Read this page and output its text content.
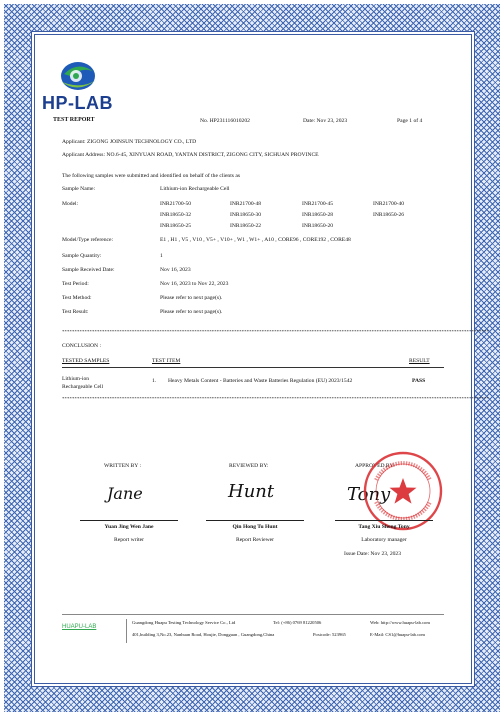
HP-LAB
TEST REPORT	No. HP231116010202	Date: Nov 23, 2023	Page 1 of 4
Applicant: ZIGONG JOINSUN TECHNOLOGY CO., LTD
Applicant Address: NO.6-45, XINYUAN ROAD, YANTAN DISTRICT, ZIGONG CITY, SICHUAN PROVINCE
The following samples were submitted and identified on behalf of the clients as
Sample Name:	Lithium-ion Rechargeable Cell
Model:	INR21700-50	INR21700-48	INR21700-45	INR21700-40
INR18650-32	INR18650-30	INR18650-28	INR18650-26
INR18650-25	INR18650-22	INR18650-20
Model/Type reference:	E1 , H1 , V5 , V10 , V5+ , V10+ , W1 , W1+ , A10 , CORE96 , CORE192 , CORE48
Sample Quantity:	1
Sample Received Date:	Nov 16, 2023
Test Period:	Nov 16, 2023 to Nov 22, 2023
Test Method:	Please refer to next page(s).
Test Result:	Please refer to next page(s).
***************************************************************************************************************************************************************************
CONCLUSION :
TESTED SAMPLES	TEST ITEM	RESULT
Lithium-ion
Rechargeable Cell
1. Heavy Metals Content - Batteries and Waste Batteries Regulation (EU) 2023/1542	PASS
***************************************************************************************************************************************************************************
WRITTEN BY :	REVIEWED BY:	APPROVED BY:
Jane	Hunt	Tony
Yuan Jing Wen Jane	Qin Hong Tu Hunt	Tang Xiu Sheng Tony
Report writer	Report Reviewer	Laboratory manager
Issue Date: Nov 23, 2023
HUAPU-LAB
Guangdong Huapu Testing Technology Service Co., Ltd
401,building 3,No.23, Nanhuan Road, Houjie, Dongguan , Guangdong,China
Tel: (+86) 0769 81220506
Postcode: 523965
Web: http://www.huapu-lab.com
E-Mail: CS1@huapu-lab.com
